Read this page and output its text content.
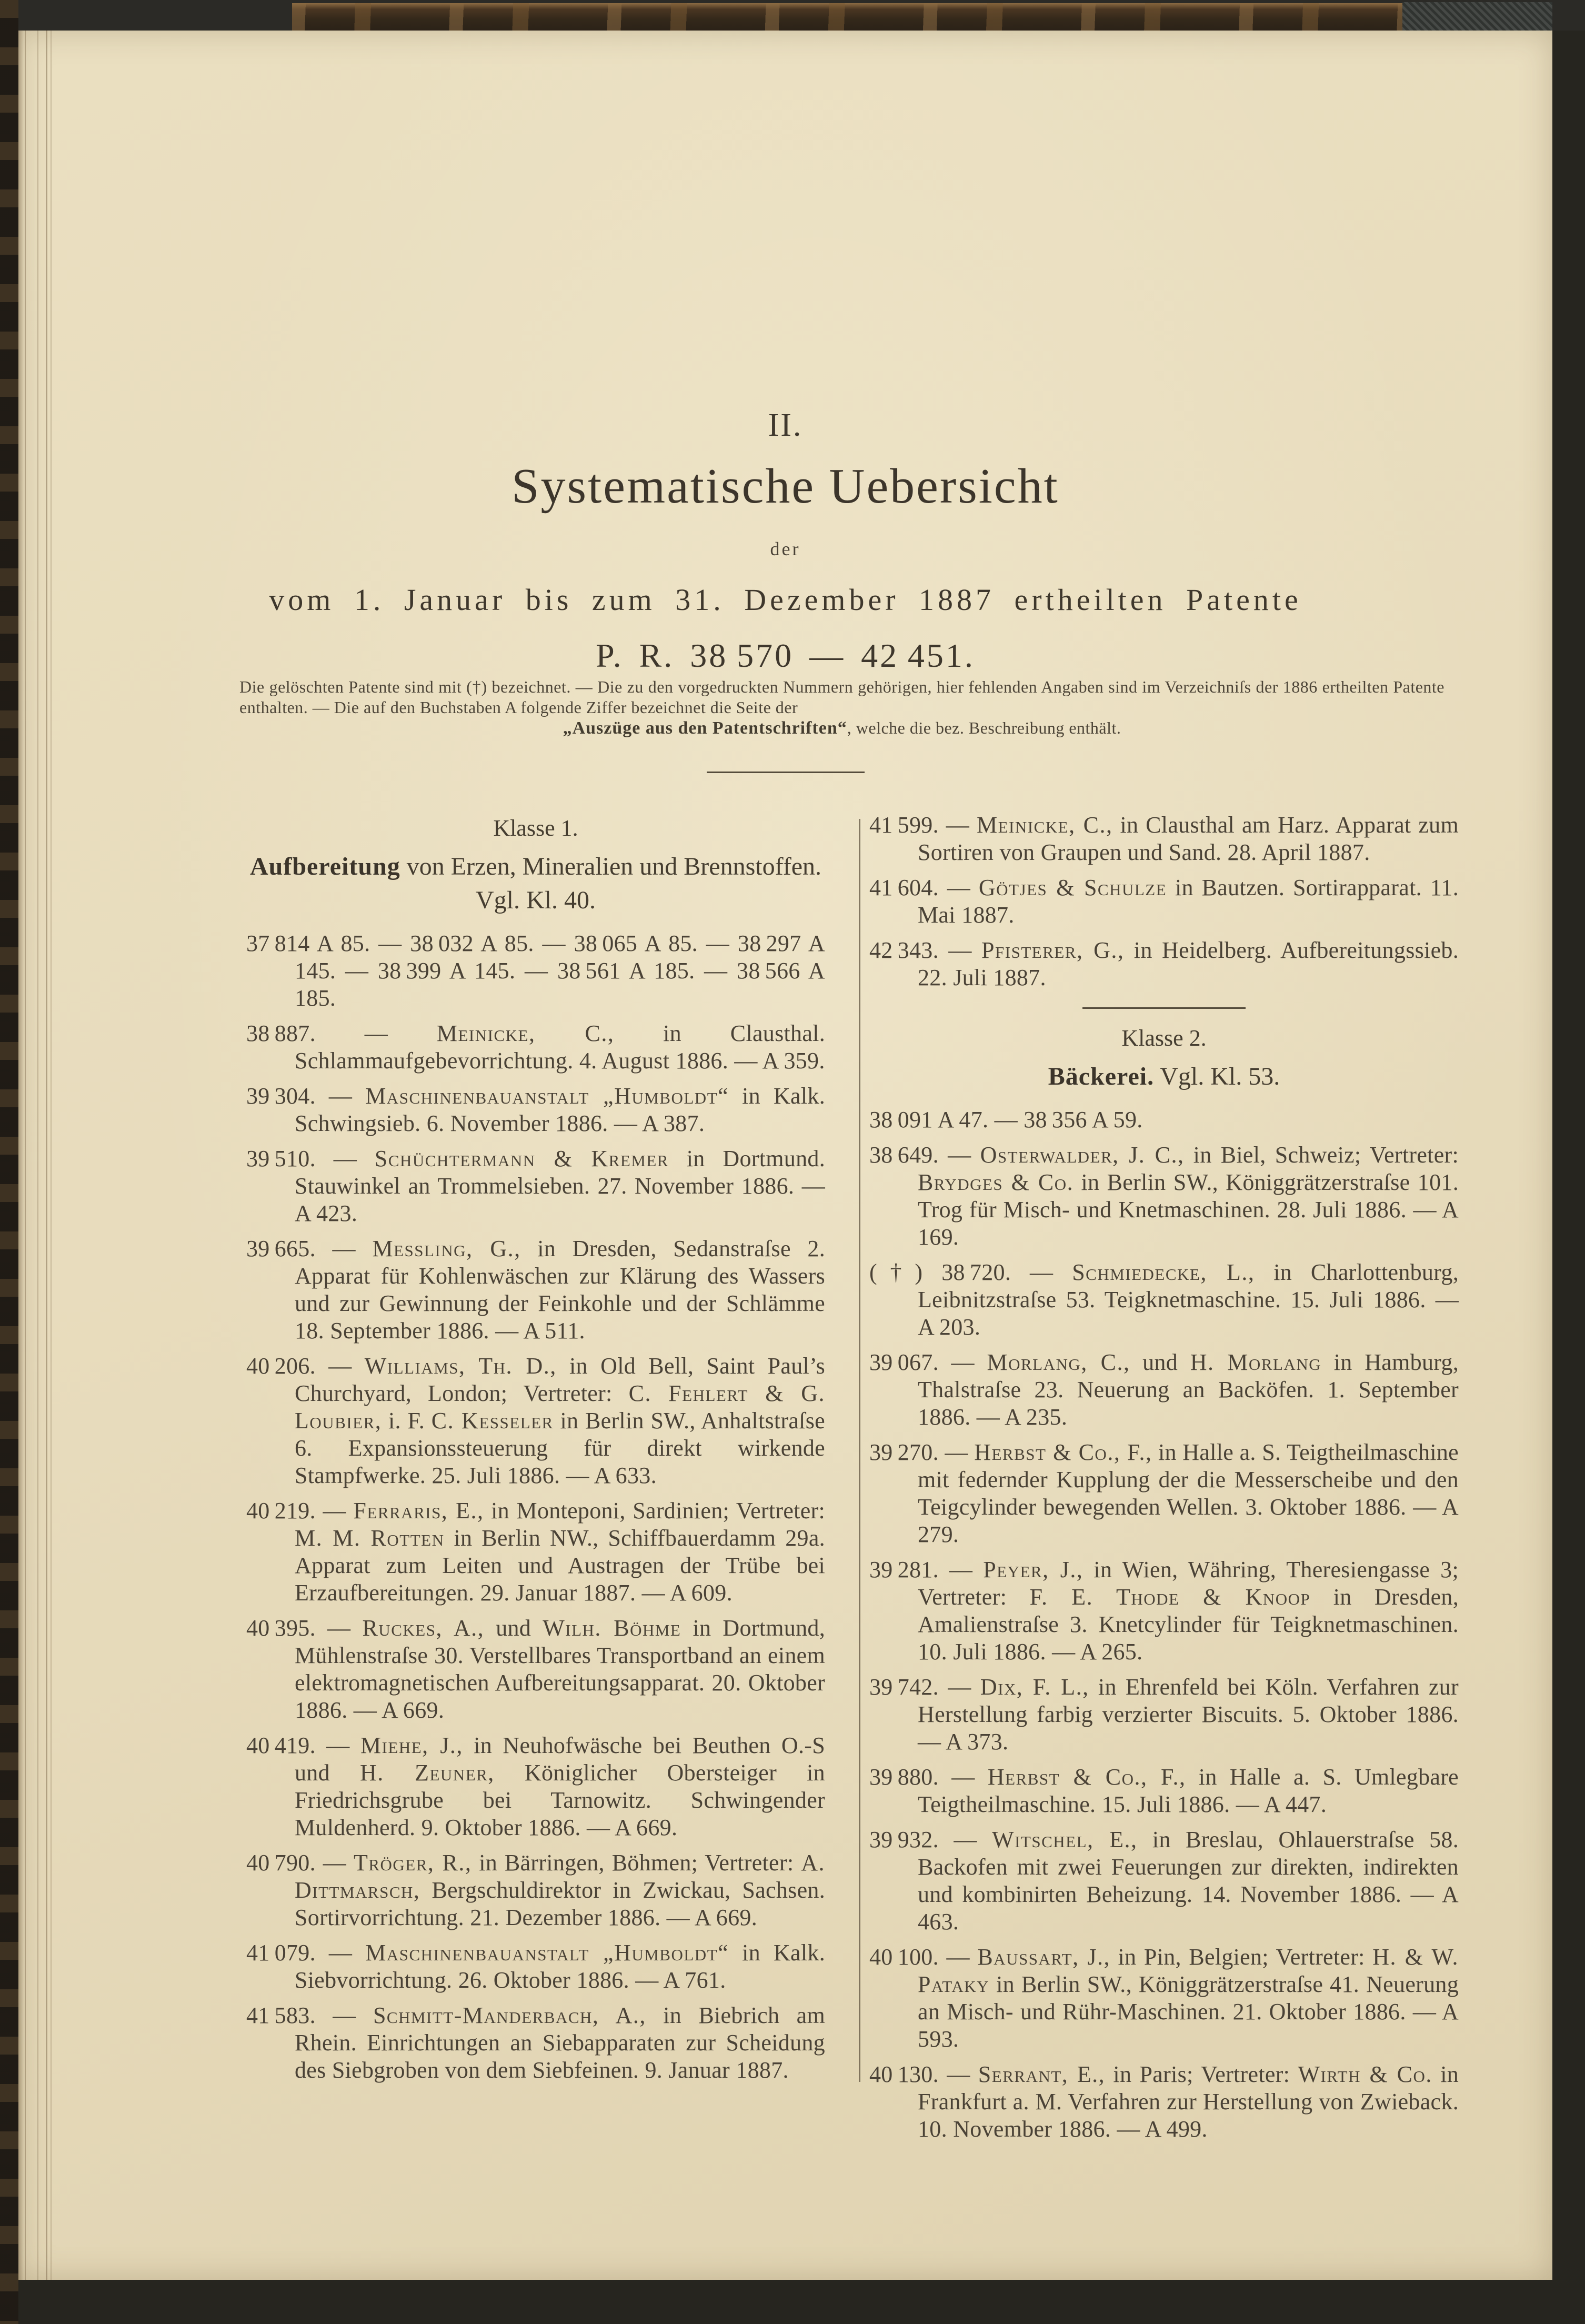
II.
Systematische Uebersicht
der
vom 1. Januar bis zum 31. Dezember 1887 ertheilten Patente
P. R. 38 570 — 42 451.

Die gelöschten Patente sind mit (†) bezeichnet. — Die zu den vorgedruckten Nummern gehörigen, hier fehlenden Angaben sind im Verzeichniſs der 1886 ertheilten Patente enthalten. — Die auf den Buchstaben A folgende Ziffer bezeichnet die Seite der

„Auszüge aus den Patentschriften“, welche die bez. Beschreibung enthält.

Klasse 1.
Aufbereitung von Erzen, Mineralien und Brennstoffen. Vgl. Kl. 40.

37 814 A 85. — 38 032 A 85. — 38 065 A 85. — 38 297 A 145. — 38 399 A 145. — 38 561 A 185. — 38 566 A 185.

38 887. — Meinicke, C., in Clausthal. Schlammaufgebevorrichtung. 4. August 1886. — A 359.

39 304. — Maschinenbauanstalt „Humboldt“ in Kalk. Schwingsieb. 6. November 1886. — A 387.

39 510. — Schüchtermann & Kremer in Dortmund. Stauwinkel an Trommelsieben. 27. November 1886. — A 423.

39 665. — Messling, G., in Dresden, Sedanstraſse 2. Apparat für Kohlenwäschen zur Klärung des Wassers und zur Gewinnung der Feinkohle und der Schlämme 18. September 1886. — A 511.

40 206. — Williams, Th. D., in Old Bell, Saint Paul’s Churchyard, London; Vertreter: C. Fehlert & G. Loubier, i. F. C. Kesseler in Berlin SW., Anhaltstraſse 6. Expansionssteuerung für direkt wirkende Stampfwerke. 25. Juli 1886. — A 633.

40 219. — Ferraris, E., in Monteponi, Sardinien; Vertreter: M. M. Rotten in Berlin NW., Schiffbauerdamm 29a. Apparat zum Leiten und Austragen der Trübe bei Erzaufbereitungen. 29. Januar 1887. — A 609.

40 395. — Ruckes, A., und Wilh. Böhme in Dortmund, Mühlenstraſse 30. Verstellbares Transportband an einem elektromagnetischen Aufbereitungsapparat. 20. Oktober 1886. — A 669.

40 419. — Miehe, J., in Neuhofwäsche bei Beuthen O.-S und H. Zeuner, Königlicher Obersteiger in Friedrichsgrube bei Tarnowitz. Schwingender Muldenherd. 9. Oktober 1886. — A 669.

40 790. — Tröger, R., in Bärringen, Böhmen; Vertreter: A. Dittmarsch, Bergschuldirektor in Zwickau, Sachsen. Sortirvorrichtung. 21. Dezember 1886. — A 669.

41 079. — Maschinenbauanstalt „Humboldt“ in Kalk. Siebvorrichtung. 26. Oktober 1886. — A 761.

41 583. — Schmitt-Manderbach, A., in Biebrich am Rhein. Einrichtungen an Siebapparaten zur Scheidung des Siebgroben von dem Siebfeinen. 9. Januar 1887.

41 599. — Meinicke, C., in Clausthal am Harz. Apparat zum Sortiren von Graupen und Sand. 28. April 1887.

41 604. — Götjes & Schulze in Bautzen. Sortirapparat. 11. Mai 1887.

42 343. — Pfisterer, G., in Heidelberg. Aufbereitungssieb. 22. Juli 1887.

Klasse 2.
Bäckerei. Vgl. Kl. 53.

38 091 A 47. — 38 356 A 59.

38 649. — Osterwalder, J. C., in Biel, Schweiz; Vertreter: Brydges & Co. in Berlin SW., Königgrätzerstraſse 101. Trog für Misch- und Knetmaschinen. 28. Juli 1886. — A 169.

(†) 38 720. — Schmiedecke, L., in Charlottenburg, Leibnitzstraſse 53. Teigknetmaschine. 15. Juli 1886. — A 203.

39 067. — Morlang, C., und H. Morlang in Hamburg, Thalstraſse 23. Neuerung an Backöfen. 1. September 1886. — A 235.

39 270. — Herbst & Co., F., in Halle a. S. Teigtheilmaschine mit federnder Kupplung der die Messerscheibe und den Teigcylinder bewegenden Wellen. 3. Oktober 1886. — A 279.

39 281. — Peyer, J., in Wien, Währing, Theresiengasse 3; Vertreter: F. E. Thode & Knoop in Dresden, Amalienstraſse 3. Knetcylinder für Teigknetmaschinen. 10. Juli 1886. — A 265.

39 742. — Dix, F. L., in Ehrenfeld bei Köln. Verfahren zur Herstellung farbig verzierter Biscuits. 5. Oktober 1886. — A 373.

39 880. — Herbst & Co., F., in Halle a. S. Umlegbare Teigtheilmaschine. 15. Juli 1886. — A 447.

39 932. — Witschel, E., in Breslau, Ohlauerstraſse 58. Backofen mit zwei Feuerungen zur direkten, indirekten und kombinirten Beheizung. 14. November 1886. — A 463.

40 100. — Baussart, J., in Pin, Belgien; Vertreter: H. & W. Pataky in Berlin SW., Königgrätzerstraſse 41. Neuerung an Misch- und Rühr-Maschinen. 21. Oktober 1886. — A 593.

40 130. — Serrant, E., in Paris; Vertreter: Wirth & Co. in Frankfurt a. M. Verfahren zur Herstellung von Zwieback. 10. November 1886. — A 499.
